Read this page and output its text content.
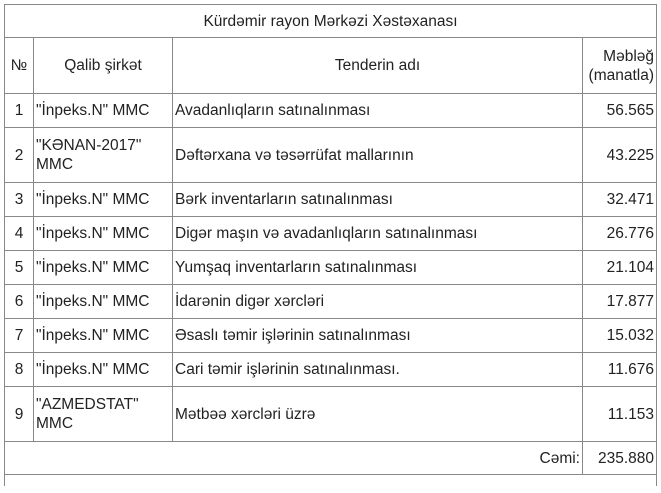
Kürdəmir rayon Mərkəzi Xəstəxanası			
№	Qalib şirkət	Tenderin adı	Məbləğ
(manatla)

1	"İnpeks.N" MMC	Avadanlıqların satınalınması	56.565
2	"KƏNAN-2017" MMC	Dəftərxana və təsərrüfat mallarının	43.225
3	"İnpeks.N" MMC	Bərk inventarların satınalınması	32.471
4	"İnpeks.N" MMC	Digər maşın və avadanlıqların satınalınması	26.776
5	"İnpeks.N" MMC	Yumşaq inventarların satınalınması	21.104
6	"İnpeks.N" MMC	İdarənin digər xərcləri	17.877
7	"İnpeks.N" MMC	Əsaslı təmir işlərinin satınalınması	15.032
8	"İnpeks.N" MMC	Cari təmir işlərinin satınalınması.	11.676
9	"AZMEDSTAT" MMC	Mətbəə xərcləri üzrə	11.153
Cəmi:			235.880
